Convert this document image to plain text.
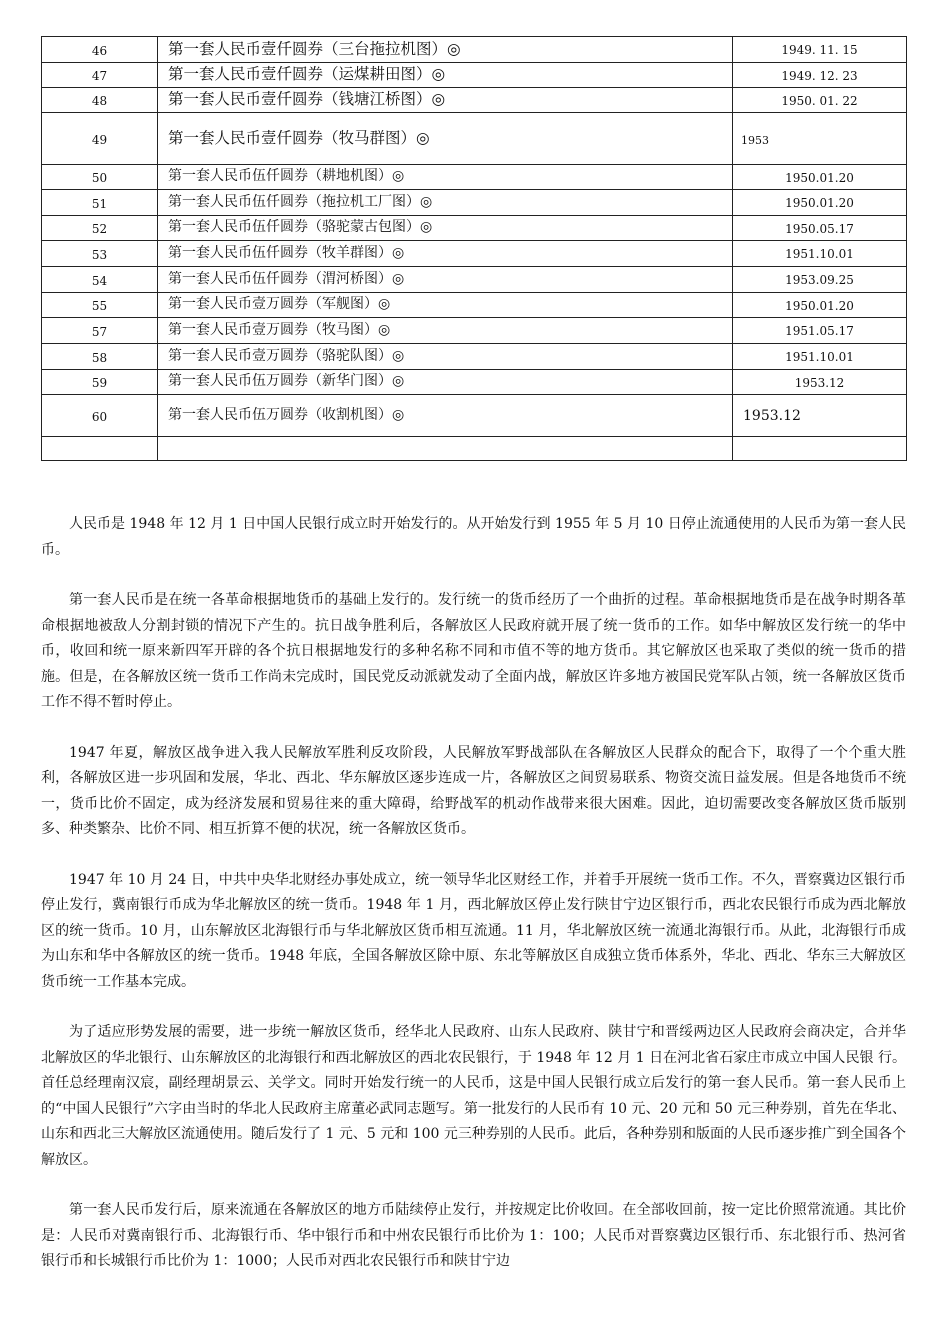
46	第一套人民币壹仟圆券（三台拖拉机图）◎	1949. 11. 15
47	第一套人民币壹仟圆券（运煤耕田图）◎	1949. 12. 23
48	第一套人民币壹仟圆券（钱塘江桥图）◎	1950. 01. 22
49	第一套人民币壹仟圆券（牧马群图）◎	1953
50	第一套人民币伍仟圆券（耕地机图）◎	1950.01.20
51	第一套人民币伍仟圆券（拖拉机工厂图）◎	1950.01.20
52	第一套人民币伍仟圆券（骆驼蒙古包图）◎	1950.05.17
53	第一套人民币伍仟圆券（牧羊群图）◎	1951.10.01
54	第一套人民币伍仟圆券（渭河桥图）◎	1953.09.25
55	第一套人民币壹万圆券（军舰图）◎	1950.01.20
57	第一套人民币壹万圆券（牧马图）◎	1951.05.17
58	第一套人民币壹万圆券（骆驼队图）◎	1951.10.01
59	第一套人民币伍万圆券（新华门图）◎	1953.12
60	第一套人民币伍万圆券（收割机图）◎	1953.12

人民币是 1948 年 12 月 1 日中国人民银行成立时开始发行的。从开始发行到 1955 年 5 月 10 日停止流通使用的人民币为第一套人民币。

第一套人民币是在统一各革命根据地货币的基础上发行的。发行统一的货币经历了一个曲折的过程。革命根据地货币是在战争时期各革命根据地被敌人分割封锁的情况下产生的。抗日战争胜利后，各解放区人民政府就开展了统一货币的工作。如华中解放区发行统一的华中币，收回和统一原来新四军开辟的各个抗日根据地发行的多种名称不同和市值不等的地方货币。其它解放区也采取了类似的统一货币的措施。但是，在各解放区统一货币工作尚未完成时，国民党反动派就发动了全面内战，解放区许多地方被国民党军队占领，统一各解放区货币工作不得不暂时停止。

1947 年夏，解放区战争进入我人民解放军胜利反攻阶段，人民解放军野战部队在各解放区人民群众的配合下，取得了一个个重大胜利，各解放区进一步巩固和发展，华北、西北、华东解放区逐步连成一片，各解放区之间贸易联系、物资交流日益发展。但是各地货币不统一，货币比价不固定，成为经济发展和贸易往来的重大障碍，给野战军的机动作战带来很大困难。因此，迫切需要改变各解放区货币版别多、种类繁杂、比价不同、相互折算不便的状况，统一各解放区货币。

1947 年 10 月 24 日，中共中央华北财经办事处成立，统一领导华北区财经工作，并着手开展统一货币工作。不久，晋察冀边区银行币停止发行，冀南银行币成为华北解放区的统一货币。1948 年 1 月，西北解放区停止发行陕甘宁边区银行币，西北农民银行币成为西北解放区的统一货币。10 月，山东解放区北海银行币与华北解放区货币相互流通。11 月，华北解放区统一流通北海银行币。从此，北海银行币成为山东和华中各解放区的统一货币。1948 年底，全国各解放区除中原、东北等解放区自成独立货币体系外，华北、西北、华东三大解放区货币统一工作基本完成。

为了适应形势发展的需要，进一步统一解放区货币，经华北人民政府、山东人民政府、陕甘宁和晋绥两边区人民政府会商决定，合并华北解放区的华北银行、山东解放区的北海银行和西北解放区的西北农民银行，于 1948 年 12 月 1 日在河北省石家庄市成立中国人民银 行。首任总经理南汉宸，副经理胡景云、关学文。同时开始发行统一的人民币，这是中国人民银行成立后发行的第一套人民币。第一套人民币上的“中国人民银行”六字由当时的华北人民政府主席董必武同志题写。第一批发行的人民币有 10 元、20 元和 50 元三种券别，首先在华北、山东和西北三大解放区流通使用。随后发行了 1 元、5 元和 100 元三种券别的人民币。此后，各种券别和版面的人民币逐步推广到全国各个解放区。

第一套人民币发行后，原来流通在各解放区的地方币陆续停止发行，并按规定比价收回。在全部收回前，按一定比价照常流通。其比价是：人民币对冀南银行币、北海银行币、华中银行币和中州农民银行币比价为 1：100；人民币对晋察冀边区银行币、东北银行币、热河省银行币和长城银行币比价为 1：1000；人民币对西北农民银行币和陕甘宁边
